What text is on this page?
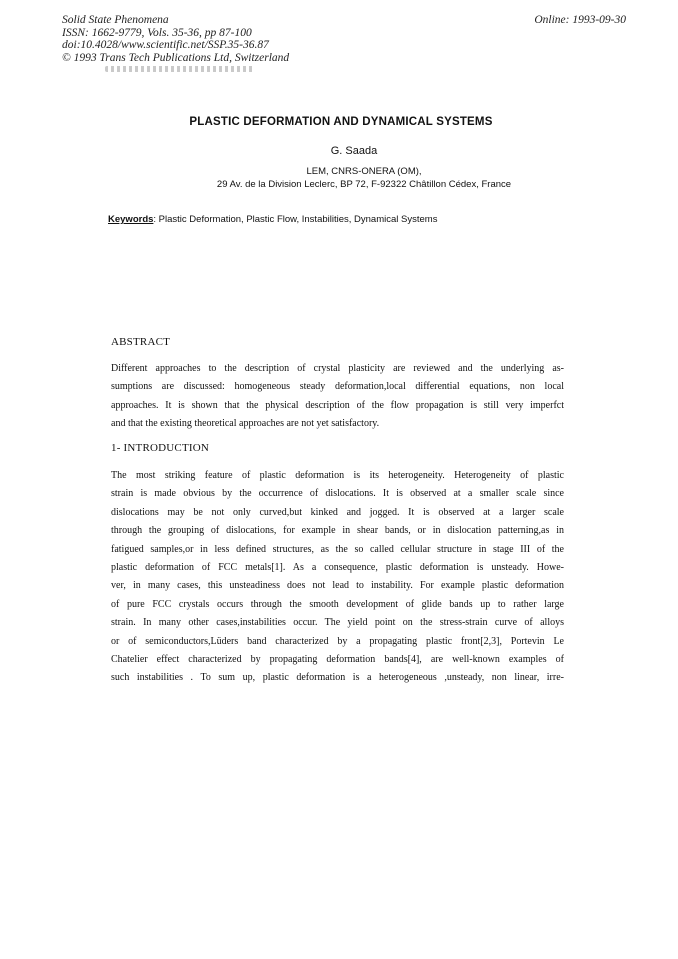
Solid State Phenomena
ISSN: 1662-9779, Vols. 35-36, pp 87-100
doi:10.4028/www.scientific.net/SSP.35-36.87
© 1993 Trans Tech Publications Ltd, Switzerland
Online: 1993-09-30
PLASTIC DEFORMATION AND DYNAMICAL SYSTEMS
G. Saada
LEM, CNRS-ONERA (OM),
29 Av. de la Division Leclerc, BP 72, F-92322 Châtillon Cédex, France
Keywords: Plastic Deformation, Plastic Flow, Instabilities, Dynamical Systems
ABSTRACT
Different approaches to the description of crystal plasticity are reviewed and the underlying as-
sumptions are discussed: homogeneous steady deformation,local differential equations, non local
approaches. It is shown that the physical description of the flow propagation is still very imperfct
and that the existing theoretical approaches are not yet satisfactory.
1- INTRODUCTION
The most striking feature of plastic deformation is its heterogeneity. Heterogeneity of plastic
strain is made obvious by the occurrence of dislocations. It is observed at a smaller scale since
dislocations may be not only curved,but kinked and jogged. It is observed at a larger scale
through the grouping of dislocations, for example in shear bands, or in dislocation patterning,as in
fatigued samples,or in less defined structures, as the so called cellular structure in stage III of the
plastic deformation of FCC metals[1]. As a consequence, plastic deformation is unsteady. Howe-
ver, in many cases, this unsteadiness does not lead to instability. For example plastic deformation
of pure FCC crystals occurs through the smooth development of glide bands up to rather large
strain. In many other cases,instabilities occur. The yield point on the stress-strain curve of alloys
or of semiconductors,Lüders band characterized by a propagating plastic front[2,3], Portevin Le
Chatelier effect characterized by propagating deformation bands[4], are well-known examples of
such instabilities . To sum up, plastic deformation is a heterogeneous ,unsteady, non linear, irre-
